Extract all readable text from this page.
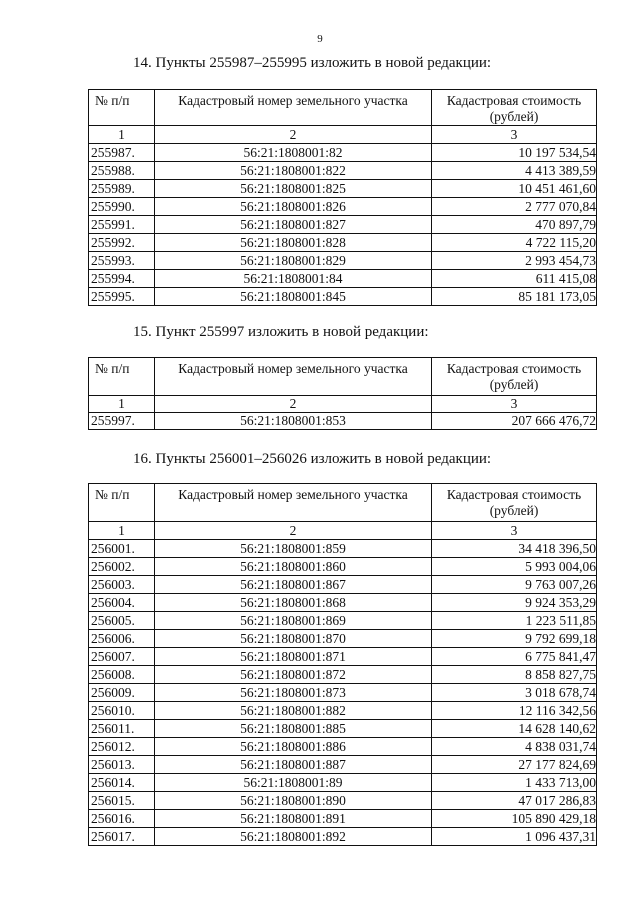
9
14. Пункты 255987–255995 изложить в новой редакции:
№ п/п	Кадастровый номер земельного участка	Кадастровая стоимость (рублей)
1	2	3
255987.	56:21:1808001:82	10 197 534,54
255988.	56:21:1808001:822	4 413 389,59
255989.	56:21:1808001:825	10 451 461,60
255990.	56:21:1808001:826	2 777 070,84
255991.	56:21:1808001:827	470 897,79
255992.	56:21:1808001:828	4 722 115,20
255993.	56:21:1808001:829	2 993 454,73
255994.	56:21:1808001:84	611 415,08
255995.	56:21:1808001:845	85 181 173,05
15. Пункт 255997 изложить в новой редакции:
№ п/п	Кадастровый номер земельного участка	Кадастровая стоимость (рублей)
1	2	3
255997.	56:21:1808001:853	207 666 476,72
16. Пункты 256001–256026 изложить в новой редакции:
№ п/п	Кадастровый номер земельного участка	Кадастровая стоимость (рублей)
1	2	3
256001.	56:21:1808001:859	34 418 396,50
256002.	56:21:1808001:860	5 993 004,06
256003.	56:21:1808001:867	9 763 007,26
256004.	56:21:1808001:868	9 924 353,29
256005.	56:21:1808001:869	1 223 511,85
256006.	56:21:1808001:870	9 792 699,18
256007.	56:21:1808001:871	6 775 841,47
256008.	56:21:1808001:872	8 858 827,75
256009.	56:21:1808001:873	3 018 678,74
256010.	56:21:1808001:882	12 116 342,56
256011.	56:21:1808001:885	14 628 140,62
256012.	56:21:1808001:886	4 838 031,74
256013.	56:21:1808001:887	27 177 824,69
256014.	56:21:1808001:89	1 433 713,00
256015.	56:21:1808001:890	47 017 286,83
256016.	56:21:1808001:891	105 890 429,18
256017.	56:21:1808001:892	1 096 437,31
